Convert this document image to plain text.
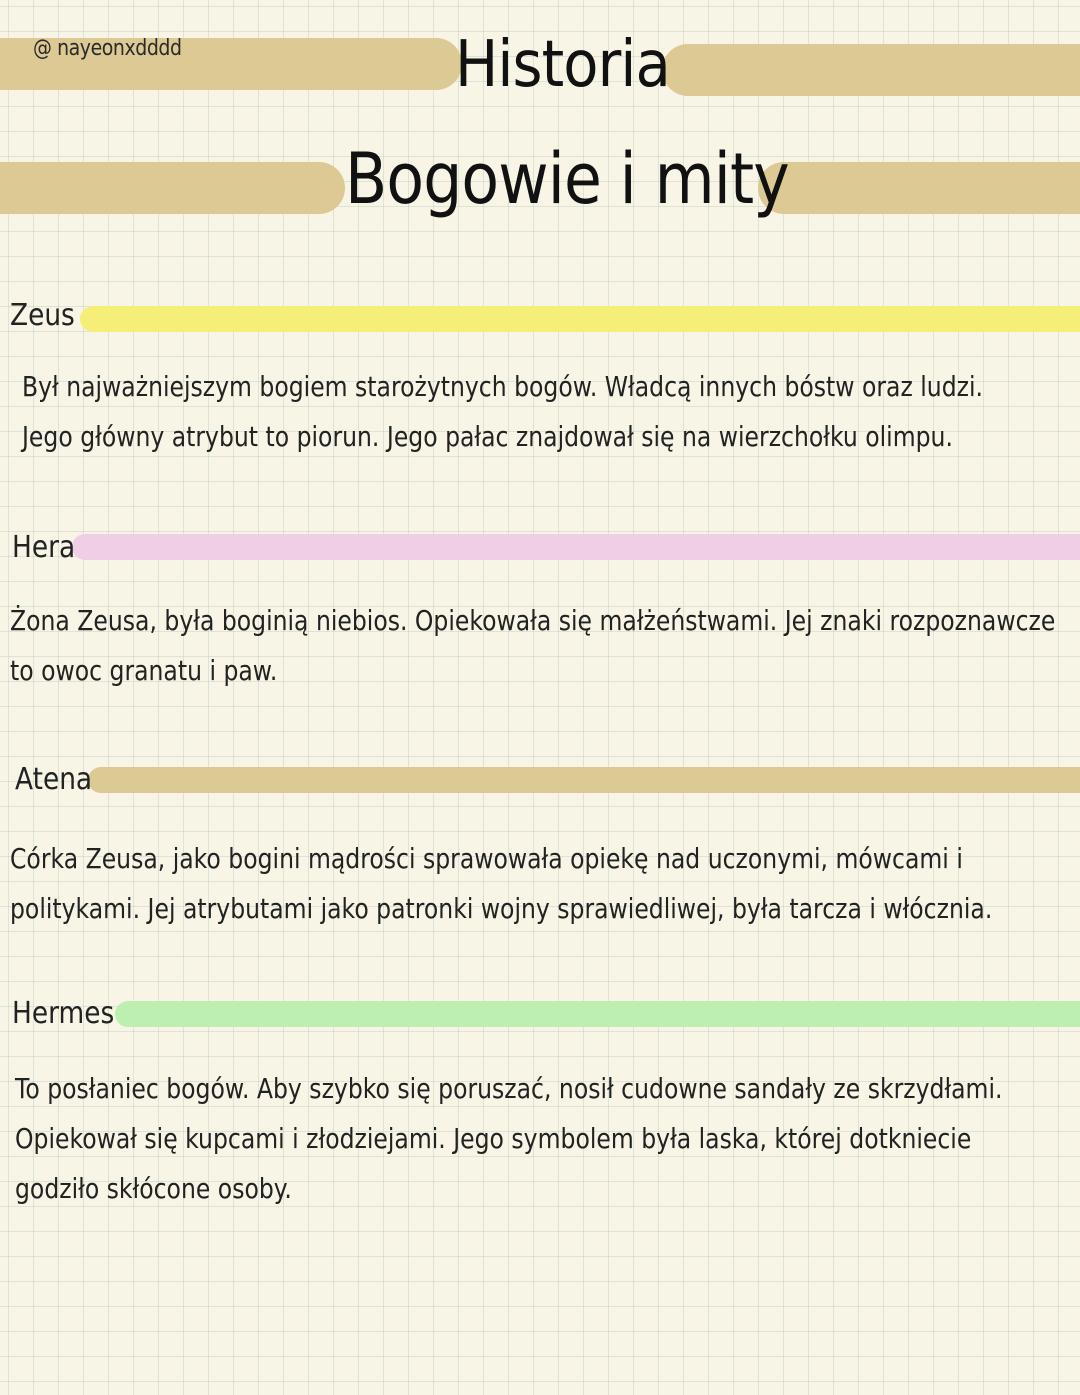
@ nayeonxdddd	Historia
Bogowie i mity
Zeus

Był najważniejszym bogiem starożytnych bogów. Władcą innych bóstw oraz ludzi.

Jego główny atrybut to piorun. Jego pałac znajdował się na wierzchołku olimpu.

Hera

Żona Zeusa, była boginią niebios. Opiekowała się małżeństwami. Jej znaki rozpoznawcze

to owoc granatu i paw.

Atena

Córka Zeusa, jako bogini mądrości sprawowała opiekę nad uczonymi, mówcami i

politykami. Jej atrybutami jako patronki wojny sprawiedliwej, była tarcza i włócznia.

Hermes

To posłaniec bogów. Aby szybko się poruszać, nosił cudowne sandały ze skrzydłami.

Opiekował się kupcami i złodziejami. Jego symbolem była laska, której dotkniecie

godziło skłócone osoby.
